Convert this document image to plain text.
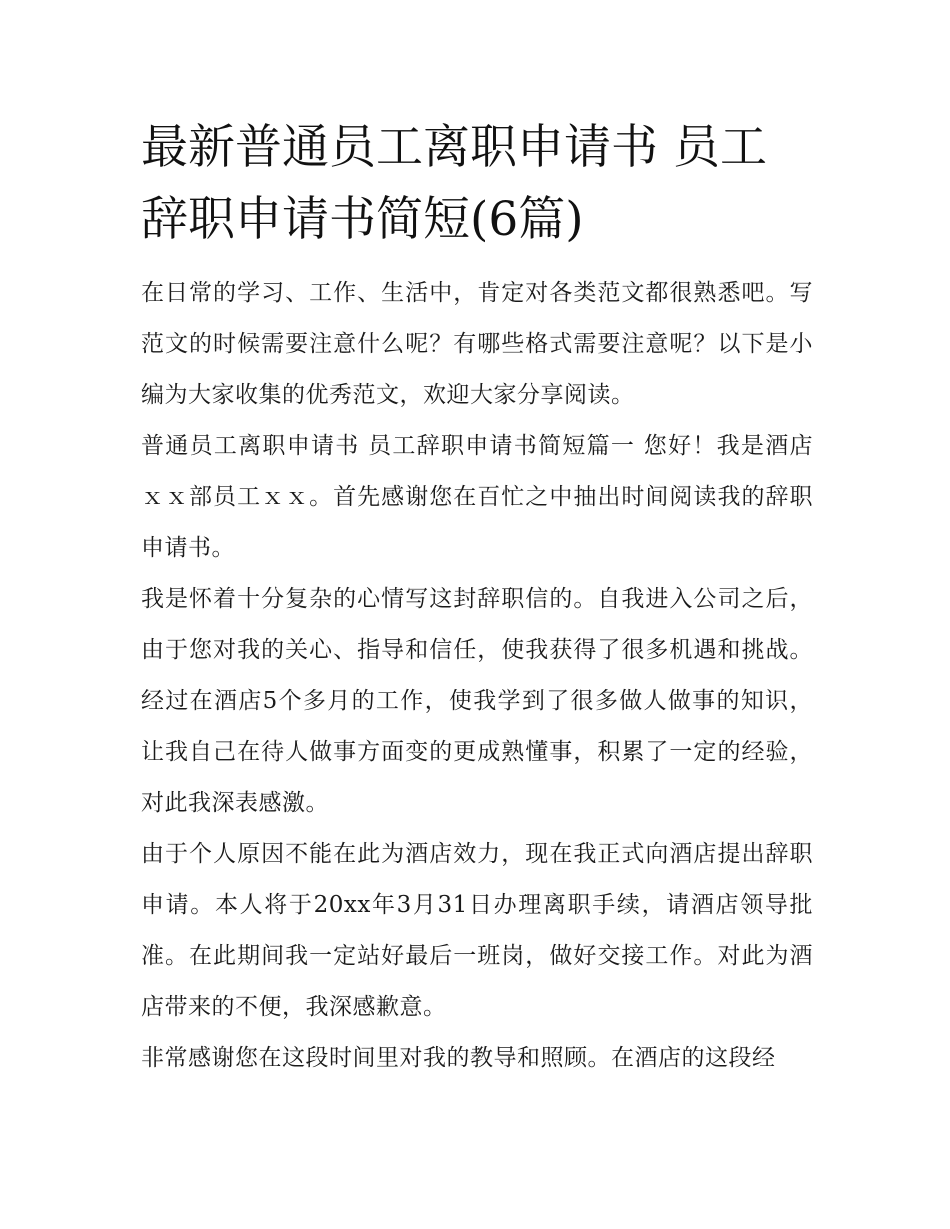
最新普通员工离职申请书 员工辞职申请书简短(6篇)

在日常的学习、工作、生活中，肯定对各类范文都很熟悉吧。写范文的时候需要注意什么呢？有哪些格式需要注意呢？以下是小编为大家收集的优秀范文，欢迎大家分享阅读。

普通员工离职申请书 员工辞职申请书简短篇一 您好！我是酒店ｘｘ部员工ｘｘ。首先感谢您在百忙之中抽出时间阅读我的辞职申请书。

我是怀着十分复杂的心情写这封辞职信的。自我进入公司之后，由于您对我的关心、指导和信任，使我获得了很多机遇和挑战。经过在酒店5个多月的工作，使我学到了很多做人做事的知识，让我自己在待人做事方面变的更成熟懂事，积累了一定的经验，对此我深表感激。

由于个人原因不能在此为酒店效力，现在我正式向酒店提出辞职申请。本人将于20xx年3月31日办理离职手续，请酒店领导批准。在此期间我一定站好最后一班岗，做好交接工作。对此为酒店带来的不便，我深感歉意。

非常感谢您在这段时间里对我的教导和照顾。在酒店的这段经
